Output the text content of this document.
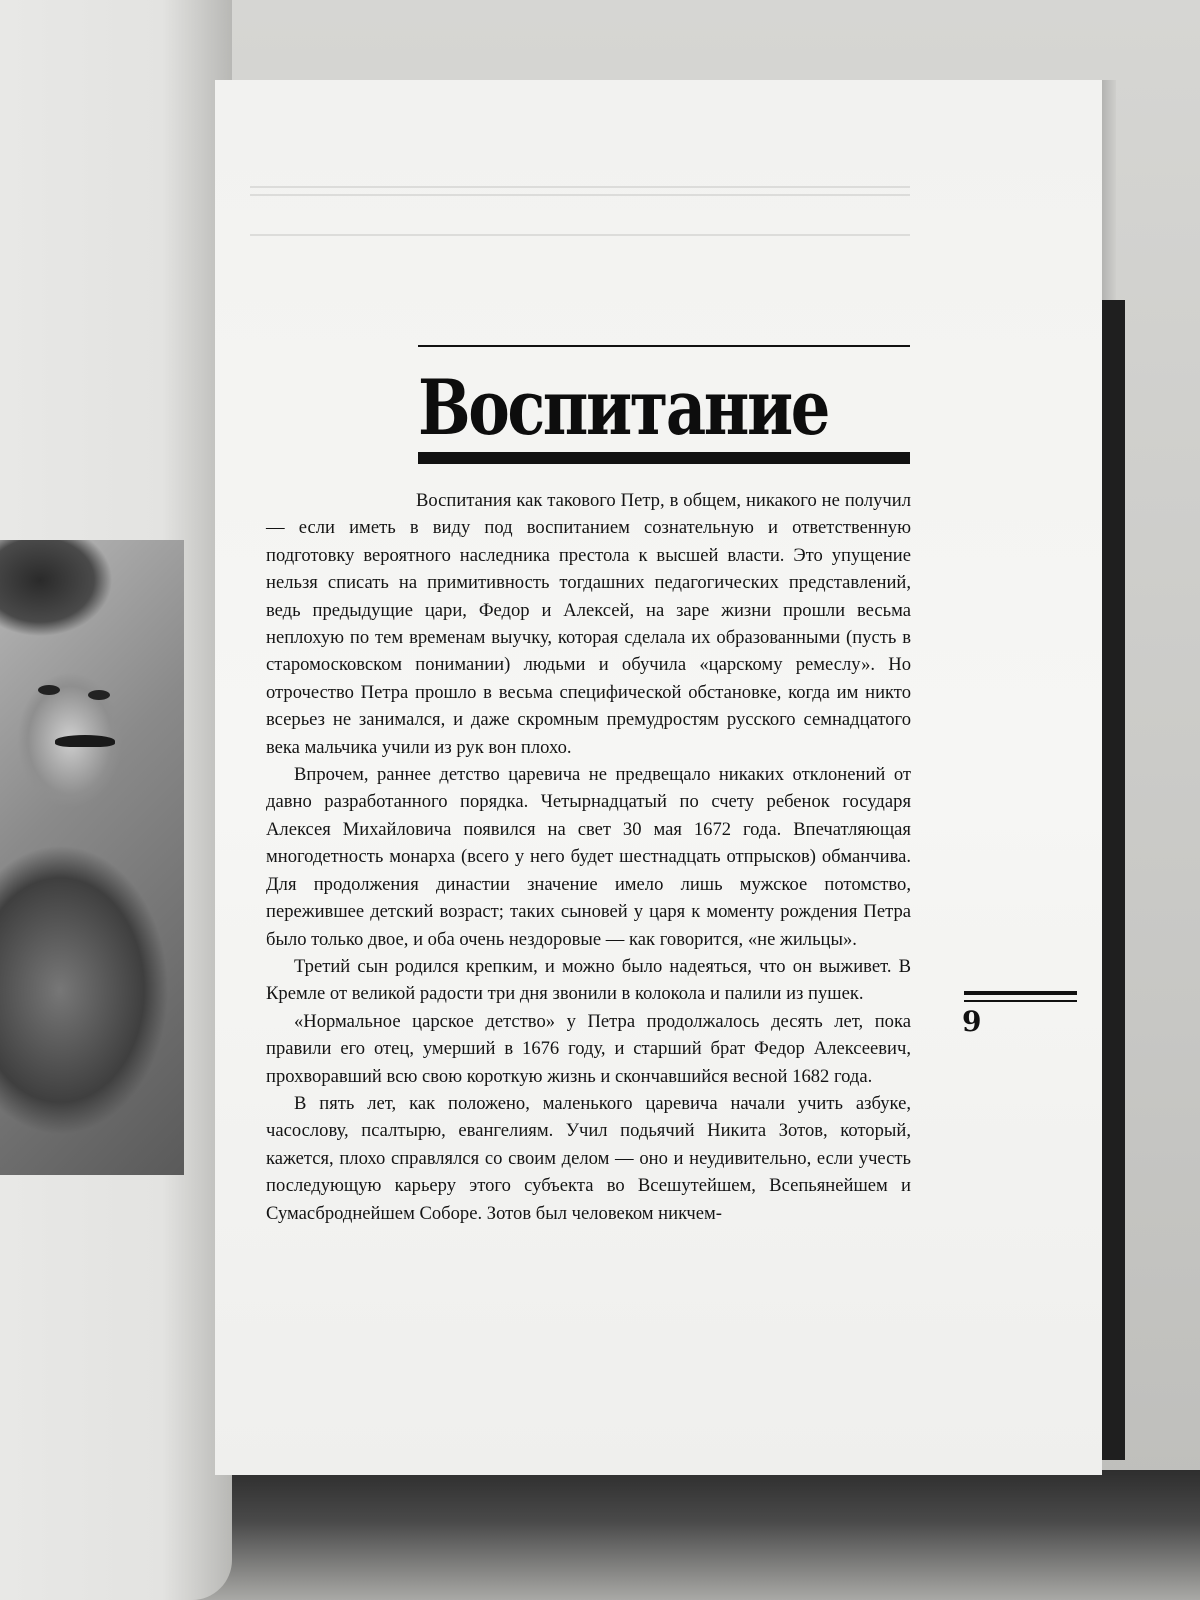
Воспитание

Воспитания как такового Петр, в общем, никакого не получил — если иметь в виду под воспитанием сознательную и ответственную подготовку вероятного наследника престола к высшей власти. Это упущение нельзя списать на примитивность тогдашних педагогических представлений, ведь предыдущие цари, Федор и Алексей, на заре жизни прошли весьма неплохую по тем временам выучку, которая сделала их образованными (пусть в старомосковском понимании) людьми и обучила «царскому ремеслу». Но отрочество Петра прошло в весьма специфической обстановке, когда им никто всерьез не занимался, и даже скромным премудростям русского семнадцатого века мальчика учили из рук вон плохо.

Впрочем, раннее детство царевича не предвещало никаких отклонений от давно разработанного порядка. Четырнадцатый по счету ребенок государя Алексея Михайловича появился на свет 30 мая 1672 года. Впечатляющая многодетность монарха (всего у него будет шестнадцать отпрысков) обманчива. Для продолжения династии значение имело лишь мужское потомство, пережившее детский возраст; таких сыновей у царя к моменту рождения Петра было только двое, и оба очень нездоровые — как говорится, «не жильцы».

Третий сын родился крепким, и можно было надеяться, что он выживет. В Кремле от великой радости три дня звонили в колокола и палили из пушек.

«Нормальное царское детство» у Петра продолжалось десять лет, пока правили его отец, умерший в 1676 году, и старший брат Федор Алексеевич, прохворавший всю свою короткую жизнь и скончавшийся весной 1682 года.

В пять лет, как положено, маленького царевича начали учить азбуке, часослову, псалтырю, евангелиям. Учил подьячий Никита Зотов, который, кажется, плохо справлялся со своим делом — оно и неудивительно, если учесть последующую карьеру этого субъекта во Всешутейшем, Всепьянейшем и Сумасброднейшем Соборе. Зотов был человеком никчем-

9
